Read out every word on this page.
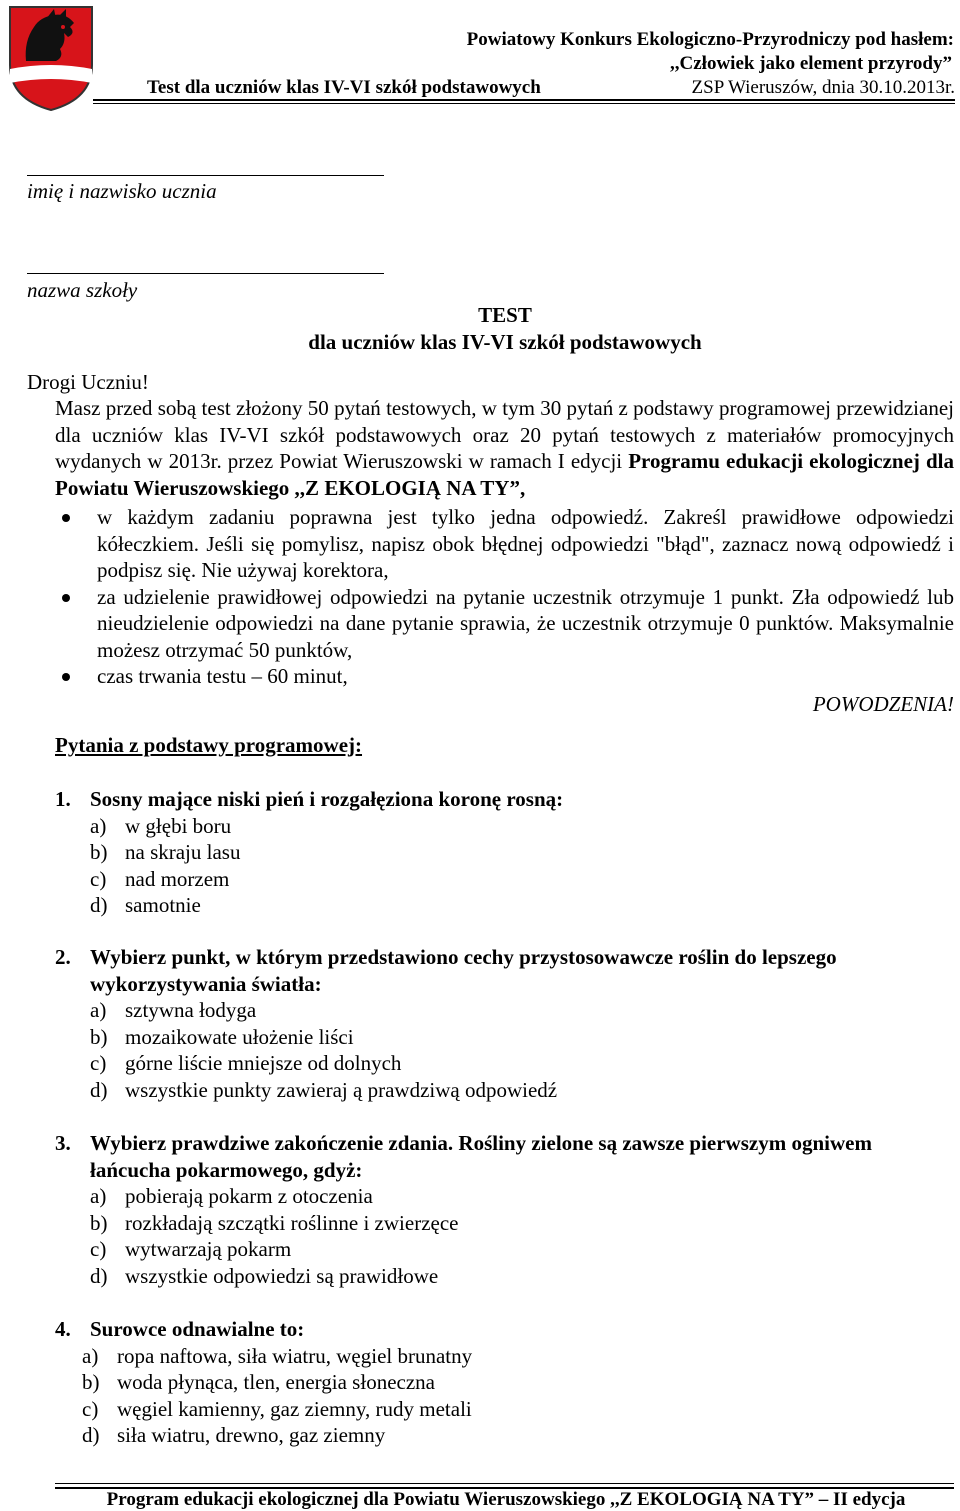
Powiatowy Konkurs Ekologiczno-Przyrodniczy pod hasłem:
,,Człowiek jako element przyrody”
Test dla uczniów klas IV-VI szkół podstawowych	ZSP Wieruszów, dnia 30.10.2013r.
imię i nazwisko ucznia
nazwa szkoły
TEST
dla uczniów klas IV-VI szkół podstawowych
Drogi Uczniu!
Masz przed sobą test złożony 50 pytań testowych, w tym 30 pytań z podstawy programowej przewidzianej dla uczniów klas IV-VI szkół podstawowych oraz 20 pytań testowych z materiałów promocyjnych wydanych w 2013r. przez Powiat Wieruszowski w ramach I edycji Programu edukacji ekologicznej dla Powiatu Wieruszowskiego ,,Z EKOLOGIĄ NA TY”,
w każdym zadaniu poprawna jest tylko jedna odpowiedź. Zakreśl prawidłowe odpowiedzi kółeczkiem. Jeśli się pomylisz, napisz obok błędnej odpowiedzi "błąd", zaznacz nową odpowiedź i podpisz się. Nie używaj korektora,
za udzielenie prawidłowej odpowiedzi na pytanie uczestnik otrzymuje 1 punkt. Zła odpowiedź lub nieudzielenie odpowiedzi na dane pytanie sprawia, że uczestnik otrzymuje 0 punktów. Maksymalnie możesz otrzymać 50 punktów,
czas trwania testu – 60 minut,
POWODZENIA!
Pytania z podstawy programowej:
1. Sosny mające niski pień i rozgałęziona koronę rosną:
a) w głębi boru
b) na skraju lasu
c) nad morzem
d) samotnie
2. Wybierz punkt, w którym przedstawiono cechy przystosowawcze roślin do lepszego wykorzystywania światła:
a) sztywna łodyga
b) mozaikowate ułożenie liści
c) górne liście mniejsze od dolnych
d) wszystkie punkty zawieraj ą prawdziwą odpowiedź
3. Wybierz prawdziwe zakończenie zdania. Rośliny zielone są zawsze pierwszym ogniwem łańcucha pokarmowego, gdyż:
a) pobierają pokarm z otoczenia
b) rozkładają szczątki roślinne i zwierzęce
c) wytwarzają pokarm
d) wszystkie odpowiedzi są prawidłowe
4. Surowce odnawialne to:
a) ropa naftowa, siła wiatru, węgiel brunatny
b) woda płynąca, tlen, energia słoneczna
c) węgiel kamienny, gaz ziemny, rudy metali
d) siła wiatru, drewno, gaz ziemny
Program edukacji ekologicznej dla Powiatu Wieruszowskiego ,,Z EKOLOGIĄ NA TY” – II edycja
